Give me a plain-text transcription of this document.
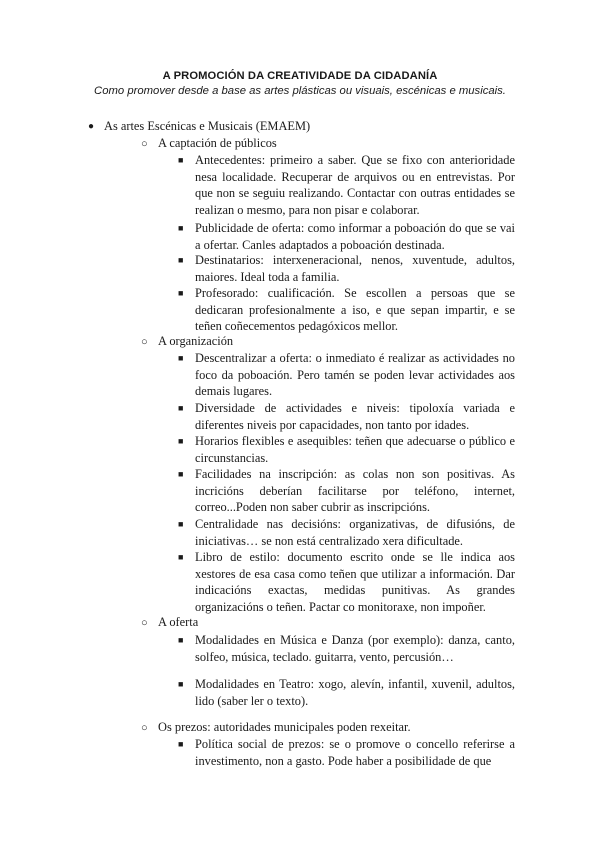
A PROMOCIÓN DA CREATIVIDADE DA CIDADANÍA
Como promover desde a base as artes plásticas ou visuais, escénicas e musicais.
● As artes Escénicas e Musicais (EMAEM)
○ A captación de públicos
■ Antecedentes: primeiro a saber. Que se fixo con anterioridade nesa localidade. Recuperar de arquivos ou en entrevistas. Por que non se seguiu realizando. Contactar con outras entidades se realizan o mesmo, para non pisar e colaborar.
■ Publicidade de oferta: como informar a poboación do que se vai a ofertar. Canles adaptados a poboación destinada.
■ Destinatarios: interxeneracional, nenos, xuventude, adultos, maiores. Ideal toda a familia.
■ Profesorado: cualificación. Se escollen a persoas que se dedicaran profesionalmente a iso, e que sepan impartir, e se teñen coñecementos pedagóxicos mellor.
○ A organización
■ Descentralizar a oferta: o inmediato é realizar as actividades no foco da poboación. Pero tamén se poden levar actividades aos demais lugares.
■ Diversidade de actividades e niveis: tipoloxía variada e diferentes niveis por capacidades, non tanto por idades.
■ Horarios flexibles e asequibles: teñen que adecuarse o público e circunstancias.
■ Facilidades na inscripción: as colas non son positivas. As incricións deberían facilitarse por teléfono, internet, correo...Poden non saber cubrir as inscripcións.
■ Centralidade nas decisións: organizativas, de difusións, de iniciativas… se non está centralizado xera dificultade.
■ Libro de estilo: documento escrito onde se lle indica aos xestores de esa casa como teñen que utilizar a información. Dar indicacións exactas, medidas punitivas. As grandes organizacións o teñen. Pactar co monitoraxe, non impoñer.
○ A oferta
■ Modalidades en Música e Danza (por exemplo): danza, canto, solfeo, música, teclado. guitarra, vento, percusión…
■ Modalidades en Teatro: xogo, alevín, infantil, xuvenil, adultos, lido (saber ler o texto).
○ Os prezos: autoridades municipales poden rexeitar.
■ Política social de prezos: se o promove o concello referirse a investimento, non a gasto. Pode haber a posibilidade de que
